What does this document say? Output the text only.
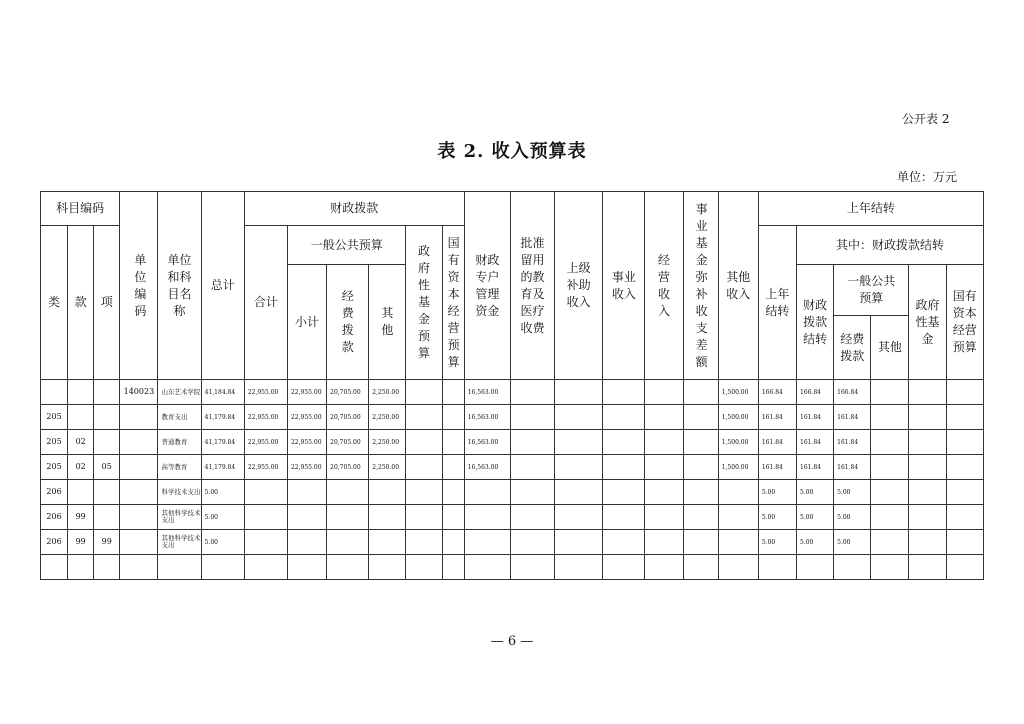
公开表 2
表 2. 收入预算表
单位：万元
科目编码			单位编码	单位和科目名称	总计	财政拨款						财政专户管理资金	批准留用的教育及医疗收费	上级补助收入	事业收入	经营收入	事业基金弥补收支差额	其他收入	上年结转					
类	款	项				合计	一般公共预算			政府性基金预算	国有资本经营预算								上年结转	其中：财政拨款结转				
							小计	经费拨款	其他											财政拨款结转	一般公共预算		政府性基金	国有资本经营预算
																					经费拨款	其他		
			140023	山东艺术学院	41,184.84	22,955.00	22,955.00	20,705.00	2,250.00			16,563.00						1,500.00	166.84	166.84	166.84			
205				教育支出	41,179.84	22,955.00	22,955.00	20,705.00	2,250.00			16,563.00						1,500.00	161.84	161.84	161.84			
205	02			普通教育	41,179.84	22,955.00	22,955.00	20,705.00	2,250.00			16,563.00						1,500.00	161.84	161.84	161.84			
205	02	05		高等教育	41,179.84	22,955.00	22,955.00	20,705.00	2,250.00			16,563.00						1,500.00	161.84	161.84	161.84			
206				科学技术支出	5.00														5.00	5.00	5.00			
206	99			其他科学技术支出	5.00														5.00	5.00	5.00			
206	99	99		其他科学技术支出	5.00														5.00	5.00	5.00			

— 6 —
